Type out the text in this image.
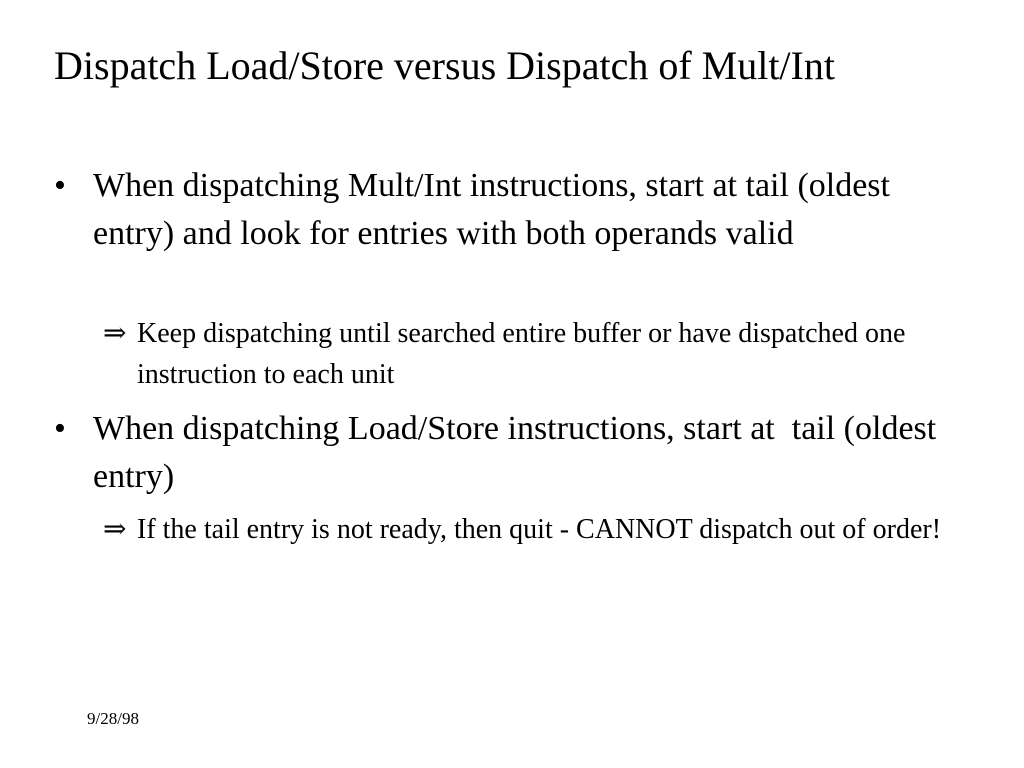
Dispatch Load/Store versus Dispatch of Mult/Int
• When dispatching Mult/Int instructions, start at tail (oldest entry) and look for entries with both operands valid
⇒ Keep dispatching until searched entire buffer or have dispatched one instruction to each unit
• When dispatching Load/Store instructions, start at  tail (oldest entry)
⇒ If the tail entry is not ready, then quit - CANNOT dispatch out of order!
9/28/98
